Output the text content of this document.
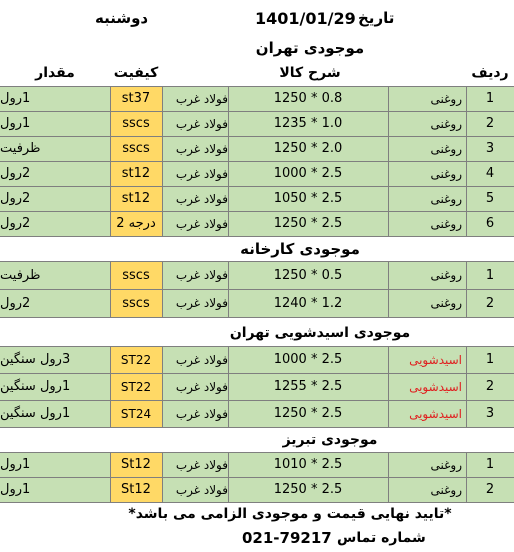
دوشنبه	1401/01/29 تاریخ
موجودی تهران
مقدار	کیفیت	شرح کالا	ردیف
1رول	st37	فولاد غرب	1250 * 0.8	روغنی	1
1رول	sscs	فولاد غرب	1235 * 1.0	روغنی	2
ظرفیت	sscs	فولاد غرب	1250 * 2.0	روغنی	3
2رول	st12	فولاد غرب	1000 * 2.5	روغنی	4
2رول	st12	فولاد غرب	1050 * 2.5	روغنی	5
2رول	درجه 2	فولاد غرب	1250 * 2.5	روغنی	6
موجودی کارخانه
ظرفیت	sscs	فولاد غرب	1250 * 0.5	روغنی	1
2رول	sscs	فولاد غرب	1240 * 1.2	روغنی	2
موجودی اسیدشویی تهران
3رول سنگین	ST22	فولاد غرب	1000 * 2.5	اسیدشویی	1
1رول سنگین	ST22	فولاد غرب	1255 * 2.5	اسیدشویی	2
1رول سنگین	ST24	فولاد غرب	1250 * 2.5	اسیدشویی	3
موجودی تبریز
1رول	St12	فولاد غرب	1010 * 2.5	روغنی	1
1رول	St12	فولاد غرب	1250 * 2.5	روغنی	2
*تایید نهایی قیمت و موجودی الزامی می باشد*
021-79217 شماره تماس
